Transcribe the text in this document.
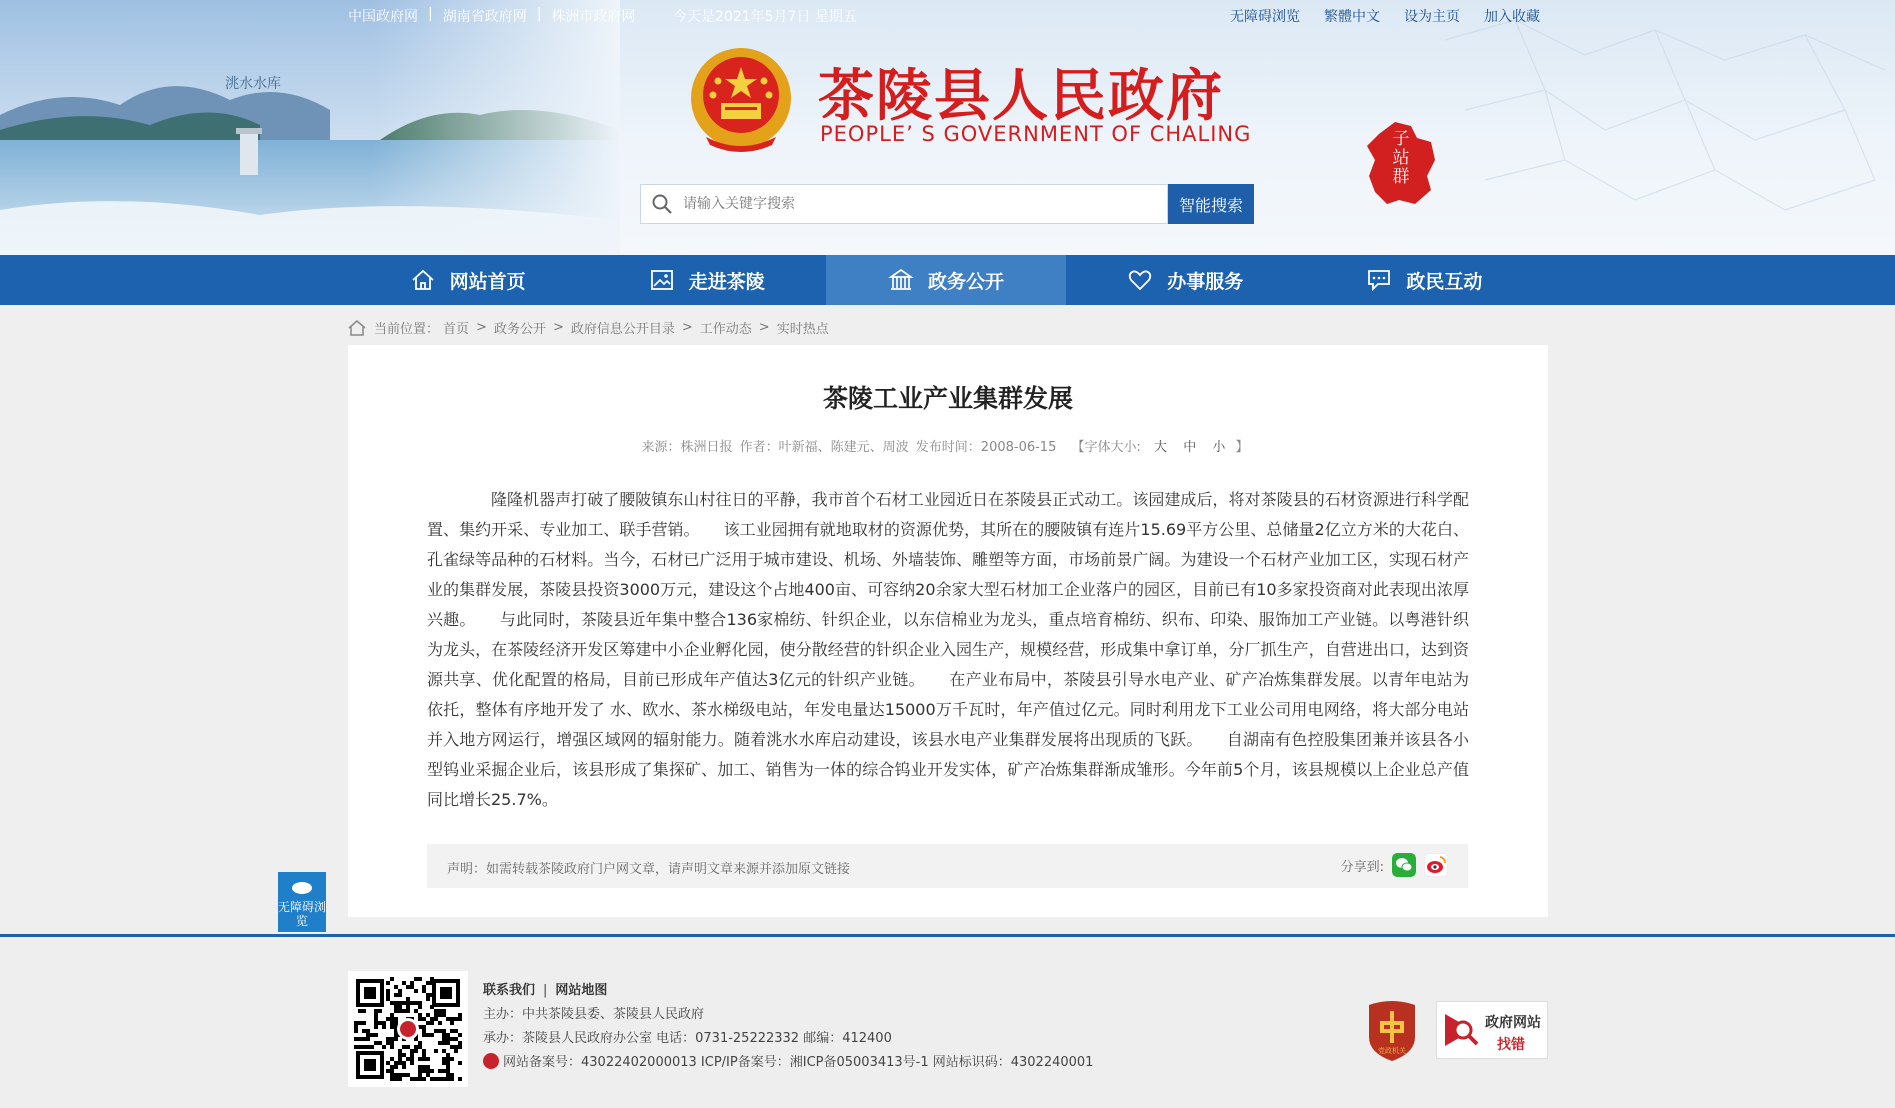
洮水水库
中国政府网 | 湖南省政府网 | 株洲市政府网	今天是2021年5月7日 星期五	无障碍浏览 繁體中文 设为主页 加入收藏
茶陵县人民政府
PEOPLE’ S GOVERNMENT OF CHALING	子站群
请输入关键字搜索
智能搜索
网站首页	走进茶陵	政务公开	办事服务	政民互动
当前位置： 首页 > 政务公开 > 政府信息公开目录 > 工作动态 > 实时热点
茶陵工业产业集群发展
来源：株洲日报 作者：叶新福、陈建元、周波 发布时间：2008-06-15 【字体大小: 大 中 小 】
隆隆机器声打破了腰陂镇东山村往日的平静，我市首个石材工业园近日在茶陵县正式动工。该园建成后，将对茶陵县的石材资源进行科学配置、集约开采、专业加工、联手营销。　　该工业园拥有就地取材的资源优势，其所在的腰陂镇有连片15.69平方公里、总储量2亿立方米的大花白、孔雀绿等品种的石材料。当今，石材已广泛用于城市建设、机场、外墙装饰、雕塑等方面，市场前景广阔。为建设一个石材产业加工区，实现石材产业的集群发展，茶陵县投资3000万元，建设这个占地400亩、可容纳20余家大型石材加工企业落户的园区，目前已有10多家投资商对此表现出浓厚兴趣。　　与此同时，茶陵县近年集中整合136家棉纺、针织企业，以东信棉业为龙头，重点培育棉纺、织布、印染、服饰加工产业链。以粤港针织为龙头，在茶陵经济开发区筹建中小企业孵化园，使分散经营的针织企业入园生产，规模经营，形成集中拿订单，分厂抓生产，自营进出口，达到资源共享、优化配置的格局，目前已形成年产值达3亿元的针织产业链。　　在产业布局中，茶陵县引导水电产业、矿产冶炼集群发展。以青年电站为依托，整体有序地开发了 水、欧水、茶水梯级电站，年发电量达15000万千瓦时，年产值过亿元。同时利用龙下工业公司用电网络，将大部分电站并入地方网运行，增强区域网的辐射能力。随着洮水水库启动建设，该县水电产业集群发展将出现质的飞跃。　　自湖南有色控股集团兼并该县各小型钨业采掘企业后，该县形成了集探矿、加工、销售为一体的综合钨业开发实体，矿产冶炼集群渐成雏形。今年前5个月，该县规模以上企业总产值同比增长25.7%。
声明：如需转载茶陵政府门户网文章，请声明文章来源并添加原文链接	分享到:
无障碍浏览
联系我们 | 网站地图
主办：中共茶陵县委、茶陵县人民政府
承办：茶陵县人民政府办公室 电话：0731-25222332 邮编：412400
网站备案号：43022402000013 ICP/IP备案号：湘ICP备05003413号-1 网站标识码：4302240001
党政机关
政府网站
找错
